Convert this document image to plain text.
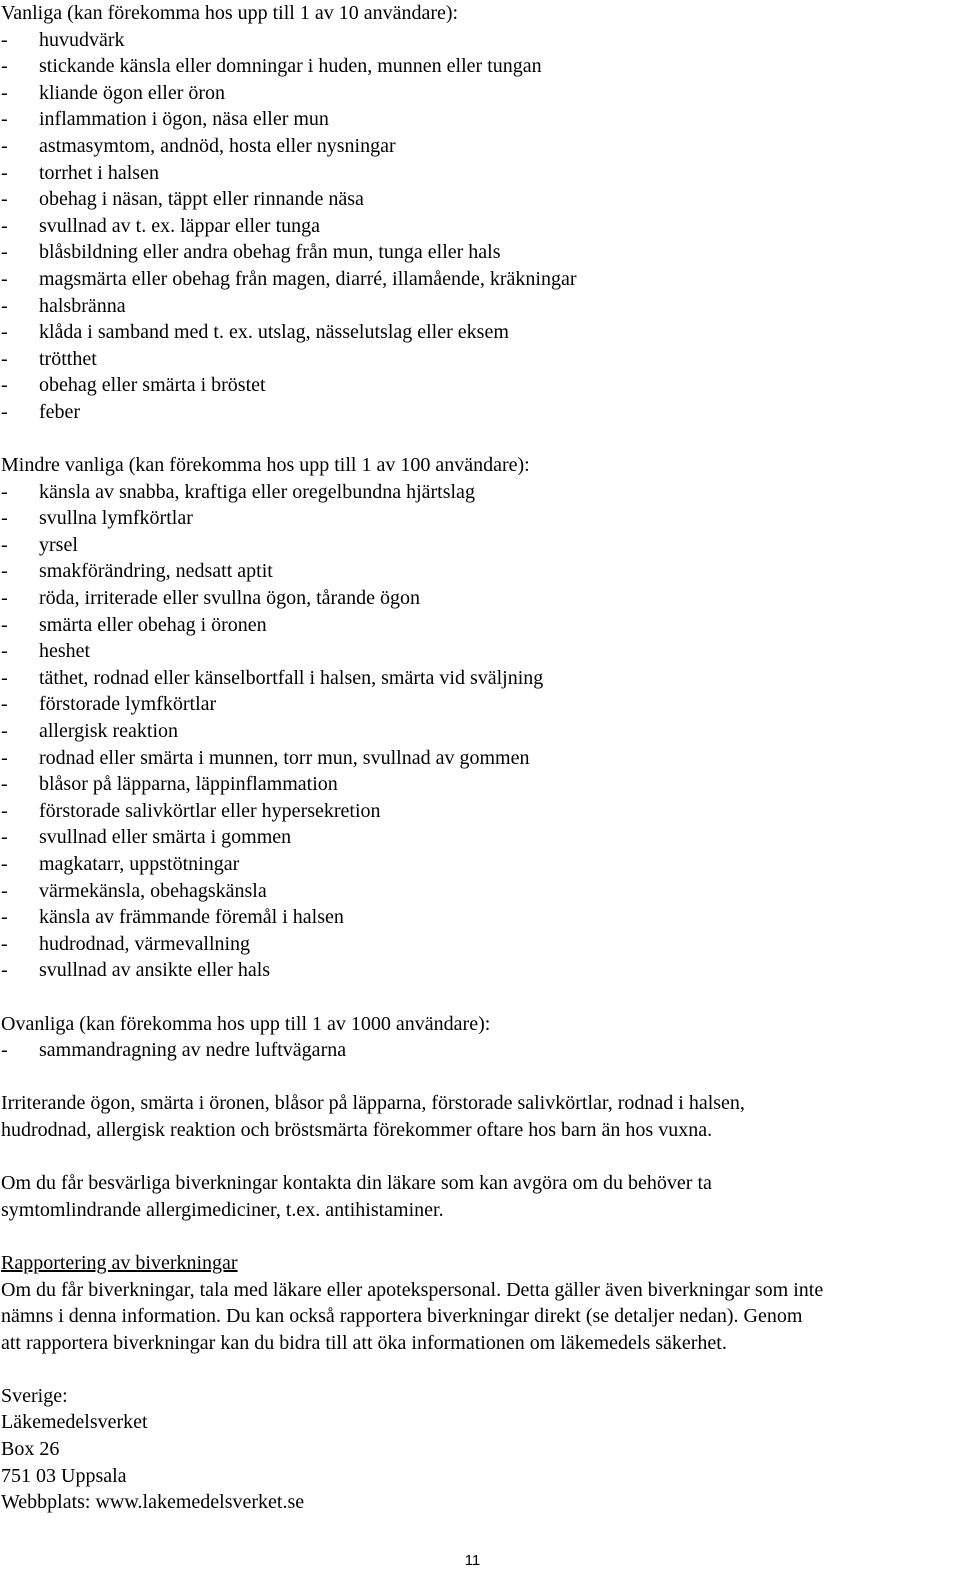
Vanliga (kan förekomma hos upp till 1 av 10 användare):
-	huvudvärk
-	stickande känsla eller domningar i huden, munnen eller tungan
-	kliande ögon eller öron
-	inflammation i ögon, näsa eller mun
-	astmasymtom, andnöd, hosta eller nysningar
-	torrhet i halsen
-	obehag i näsan, täppt eller rinnande näsa
-	svullnad av t. ex. läppar eller tunga
-	blåsbildning eller andra obehag från mun, tunga eller hals
-	magsmärta eller obehag från magen, diarré, illamående, kräkningar
-	halsbränna
-	klåda i samband med t. ex. utslag, nässelutslag eller eksem
-	trötthet
-	obehag eller smärta i bröstet
-	feber
Mindre vanliga (kan förekomma hos upp till 1 av 100 användare):
-	känsla av snabba, kraftiga eller oregelbundna hjärtslag
-	svullna lymfkörtlar
-	yrsel
-	smakförändring, nedsatt aptit
-	röda, irriterade eller svullna ögon, tårande ögon
-	smärta eller obehag i öronen
-	heshet
-	täthet, rodnad eller känselbortfall i halsen, smärta vid sväljning
-	förstorade lymfkörtlar
-	allergisk reaktion
-	rodnad eller smärta i munnen, torr mun, svullnad av gommen
-	blåsor på läpparna, läppinflammation
-	förstorade salivkörtlar eller hypersekretion
-	svullnad eller smärta i gommen
-	magkatarr, uppstötningar
-	värmekänsla, obehagskänsla
-	känsla av främmande föremål i halsen
-	hudrodnad, värmevallning
-	svullnad av ansikte eller hals
Ovanliga (kan förekomma hos upp till 1 av 1000 användare):
-	sammandragning av nedre luftvägarna
Irriterande ögon, smärta i öronen, blåsor på läpparna, förstorade salivkörtlar, rodnad i halsen,
hudrodnad, allergisk reaktion och bröstsmärta förekommer oftare hos barn än hos vuxna.
Om du får besvärliga biverkningar kontakta din läkare som kan avgöra om du behöver ta
symtomlindrande allergimediciner, t.ex. antihistaminer.
Rapportering av biverkningar
Om du får biverkningar, tala med läkare eller apotekspersonal. Detta gäller även biverkningar som inte
nämns i denna information. Du kan också rapportera biverkningar direkt (se detaljer nedan). Genom
att rapportera biverkningar kan du bidra till att öka informationen om läkemedels säkerhet.
Sverige:
Läkemedelsverket
Box 26
751 03 Uppsala
Webbplats: www.lakemedelsverket.se
11
